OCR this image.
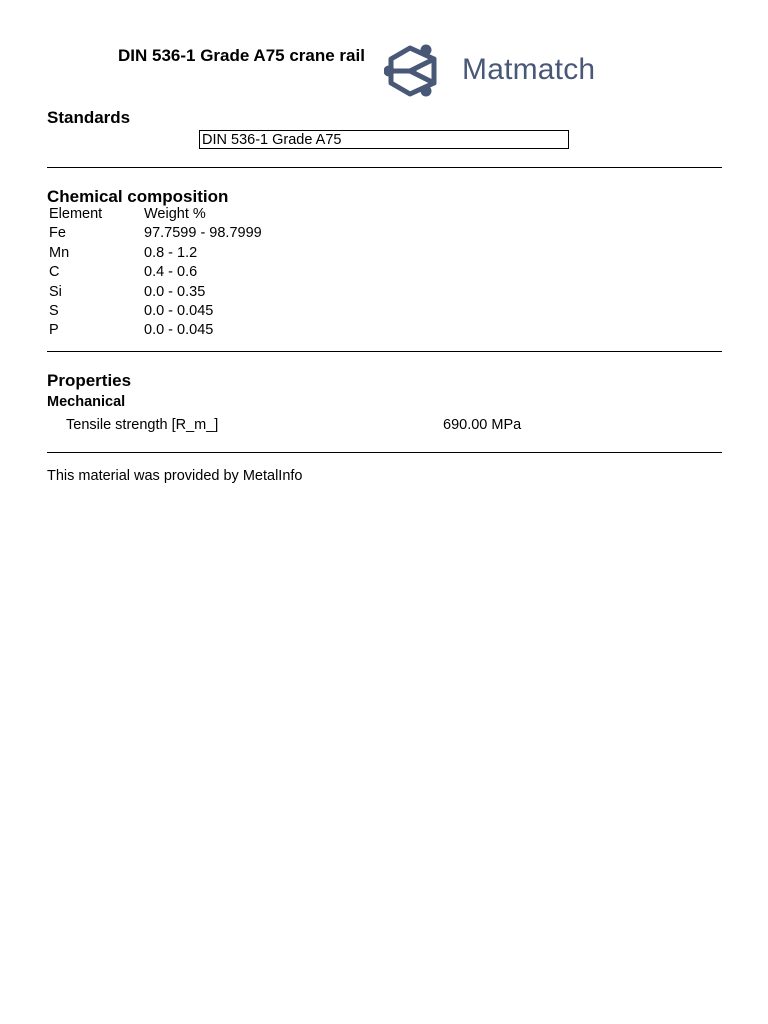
DIN 536-1 Grade A75 crane rail	Matmatch
Standards
DIN 536-1 Grade A75
Chemical composition
Element	Weight %
Fe	97.7599 - 98.7999
Mn	0.8 - 1.2
C	0.4 - 0.6
Si	0.0 - 0.35
S	0.0 - 0.045
P	0.0 - 0.045
Properties
Mechanical
Tensile strength [R_m_]	690.00 MPa
This material was provided by MetalInfo
